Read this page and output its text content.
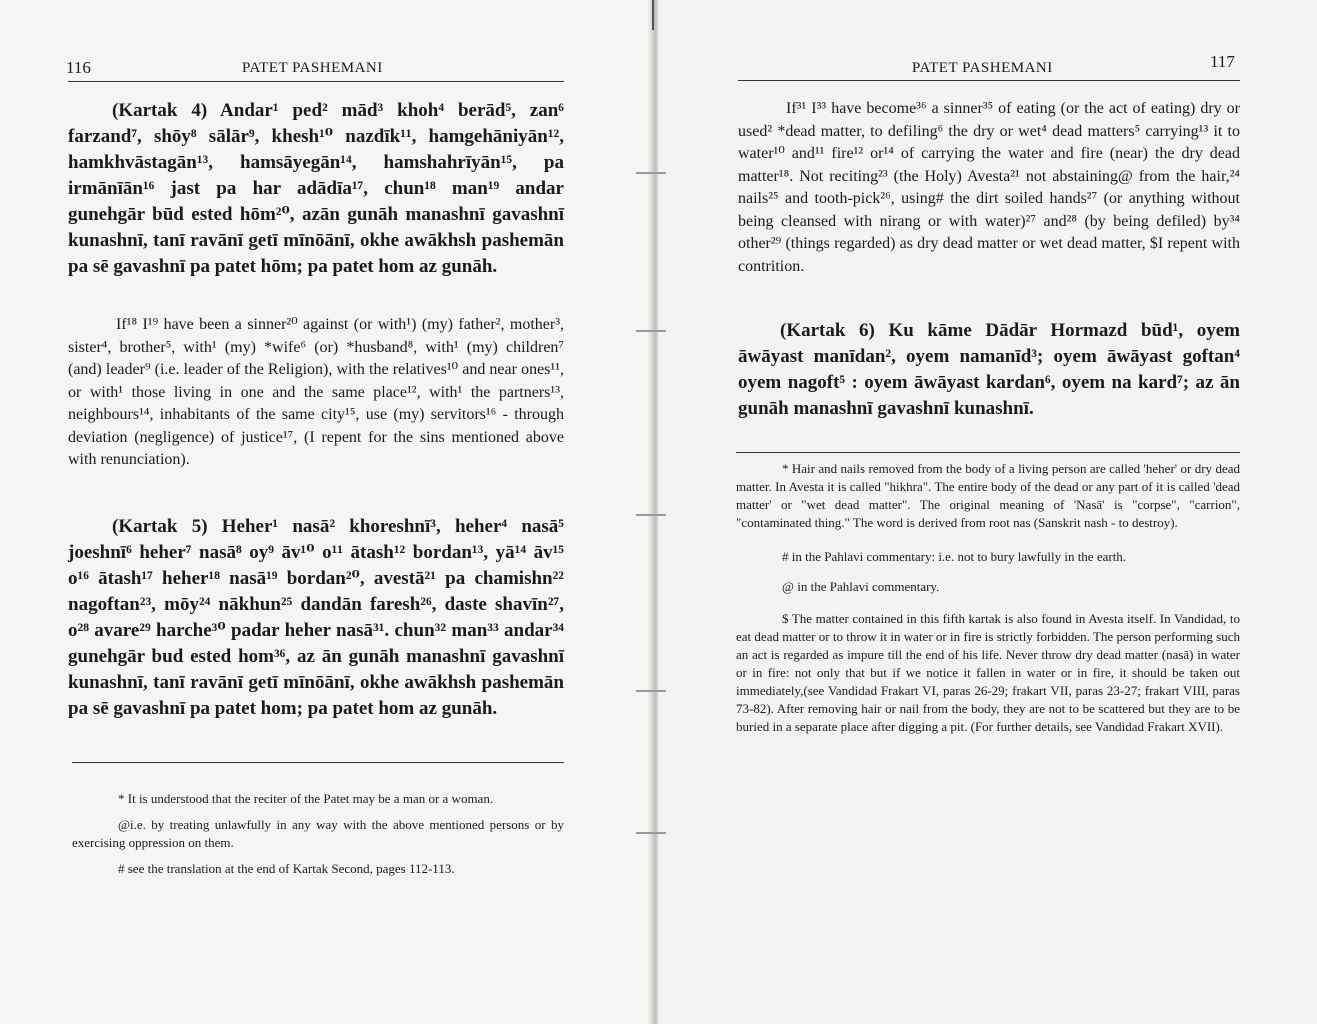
116	PATET PASHEMANI

(Kartak 4) Andar¹ ped² mād³ khoh⁴ berād⁵, zan⁶ farzand⁷, shōy⁸ sālār⁹, khesh¹⁰ nazdīk¹¹, hamgehāniyān¹², hamkhvāstagān¹³, hamsāyegān¹⁴, hamshahrīyān¹⁵, pa irmānīān¹⁶ jast pa har adādīa¹⁷, chun¹⁸ man¹⁹ andar gunehgār būd ested hōm²⁰, azān gunāh manashnī gavashnī kunashnī, tanī ravānī getī mīnōānī, okhe awākhsh pashemān pa sē gavashnī pa patet hōm; pa patet hom az gunāh.

If¹⁸ I¹⁹ have been a sinner²⁰ against (or with¹) (my) father², mother³, sister⁴, brother⁵, with¹ (my) *wife⁶ (or) *husband⁸, with¹ (my) children⁷ (and) leader⁹ (i.e. leader of the Religion), with the relatives¹⁰ and near ones¹¹, or with¹ those living in one and the same place¹², with¹ the partners¹³, neighbours¹⁴, inhabitants of the same city¹⁵, use (my) servitors¹⁶ - through deviation (negligence) of justice¹⁷, (I repent for the sins mentioned above with renunciation).

(Kartak 5) Heher¹ nasā² khoreshnī³, heher⁴ nasā⁵ joeshnī⁶ heher⁷ nasā⁸ oy⁹ āv¹⁰ o¹¹ ātash¹² bordan¹³, yā¹⁴ āv¹⁵ o¹⁶ ātash¹⁷ heher¹⁸ nasā¹⁹ bordan²⁰, avestā²¹ pa chamishn²² nagoftan²³, mōy²⁴ nākhun²⁵ dandān faresh²⁶, daste shavīn²⁷, o²⁸ avare²⁹ harche³⁰ padar heher nasā³¹. chun³² man³³ andar³⁴ gunehgār bud ested hom³⁶, az ān gunāh manashnī gavashnī kunashnī, tanī ravānī getī mīnōānī, okhe awākhsh pashemān pa sē gavashnī pa patet hom; pa patet hom az gunāh.

* It is understood that the reciter of the Patet may be a man or a woman.

@i.e. by treating unlawfully in any way with the above mentioned persons or by exercising oppression on them.

# see the translation at the end of Kartak Second, pages 112-113.

117
PATET PASHEMANI

If³¹ I³³ have become³⁶ a sinner³⁵ of eating (or the act of eating) dry or used² *dead matter, to defiling⁶ the dry or wet⁴ dead matters⁵ carrying¹³ it to water¹⁰ and¹¹ fire¹² or¹⁴ of carrying the water and fire (near) the dry dead matter¹⁸. Not reciting²³ (the Holy) Avesta²¹ not abstaining@ from the hair,²⁴ nails²⁵ and tooth-pick²⁶, using# the dirt soiled hands²⁷ (or anything without being cleansed with nirang or with water)²⁷ and²⁸ (by being defiled) by³⁴ other²⁹ (things regarded) as dry dead matter or wet dead matter, $I repent with contrition.

(Kartak 6) Ku kāme Dādār Hormazd būd¹, oyem āwāyast manīdan², oyem namanīd³; oyem āwāyast goftan⁴ oyem nagoft⁵ : oyem āwāyast kardan⁶, oyem na kard⁷; az ān gunāh manashnī gavashnī kunashnī.

* Hair and nails removed from the body of a living person are called 'heher' or dry dead matter. In Avesta it is called "hikhra". The entire body of the dead or any part of it is called 'dead matter' or "wet dead matter". The original meaning of 'Nasā' is "corpse", "carrion", "contaminated thing." The word is derived from root nas (Sanskrit nash - to destroy).

# in the Pahlavi commentary: i.e. not to bury lawfully in the earth.

@ in the Pahlavi commentary.

$ The matter contained in this fifth kartak is also found in Avesta itself. In Vandidad, to eat dead matter or to throw it in water or in fire is strictly forbidden. The person performing such an act is regarded as impure till the end of his life. Never throw dry dead matter (nasā) in water or in fire: not only that but if we notice it fallen in water or in fire, it should be taken out immediately,(see Vandidad Frakart VI, paras 26-29; frakart VII, paras 23-27; frakart VIII, paras 73-82). After removing hair or nail from the body, they are not to be scattered but they are to be buried in a separate place after digging a pit. (For further details, see Vandidad Frakart XVII).
